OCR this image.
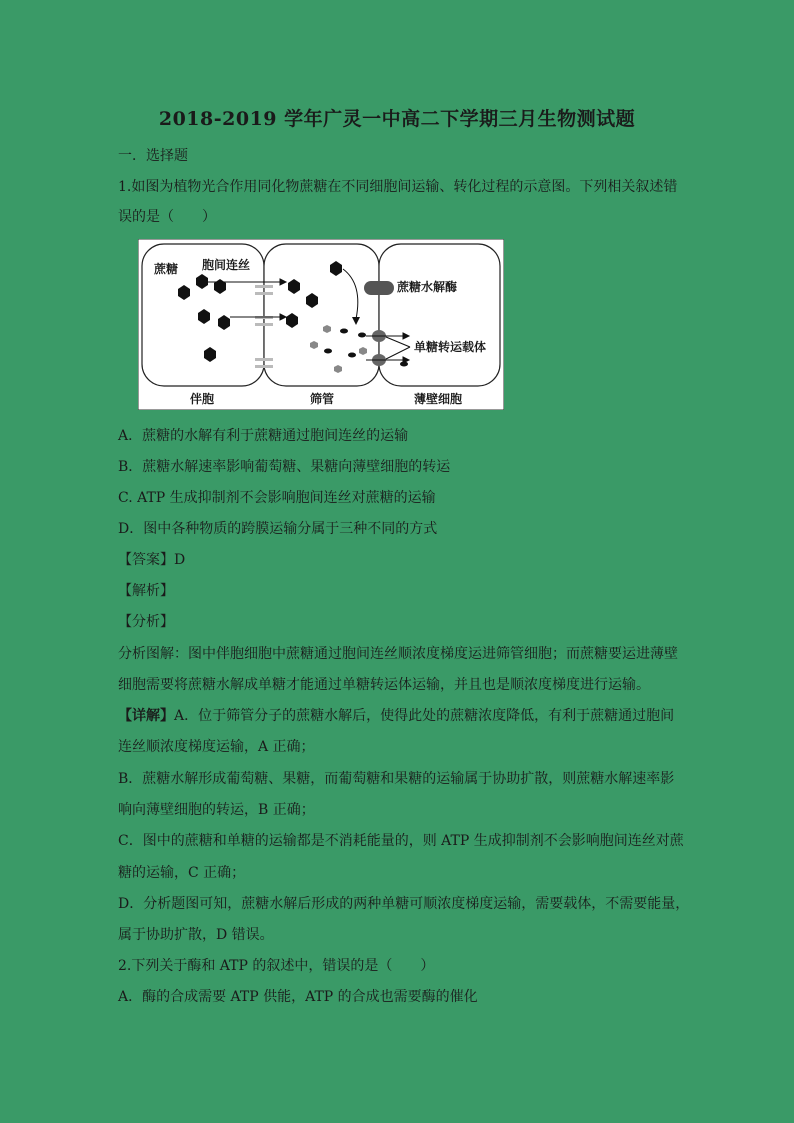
2018-2019 学年广灵一中高二下学期三月生物测试题
一．选择题
1.如图为植物光合作用同化物蔗糖在不同细胞间运输、转化过程的示意图。下列相关叙述错
误的是（　　）
蔗糖 胞间连丝
蔗糖水解酶
单糖转运载体
伴胞	筛管	薄壁细胞
A．蔗糖的水解有利于蔗糖通过胞间连丝的运输
B．蔗糖水解速率影响葡萄糖、果糖向薄壁细胞的转运
C. ATP 生成抑制剂不会影响胞间连丝对蔗糖的运输
D．图中各种物质的跨膜运输分属于三种不同的方式
【答案】D
【解析】
【分析】
分析图解：图中伴胞细胞中蔗糖通过胞间连丝顺浓度梯度运进筛管细胞；而蔗糖要运进薄壁
细胞需要将蔗糖水解成单糖才能通过单糖转运体运输，并且也是顺浓度梯度进行运输。
【详解】A．位于筛管分子的蔗糖水解后，使得此处的蔗糖浓度降低，有利于蔗糖通过胞间
连丝顺浓度梯度运输，A 正确；
B．蔗糖水解形成葡萄糖、果糖，而葡萄糖和果糖的运输属于协助扩散，则蔗糖水解速率影
响向薄壁细胞的转运，B 正确；
C．图中的蔗糖和单糖的运输都是不消耗能量的，则 ATP 生成抑制剂不会影响胞间连丝对蔗
糖的运输，C 正确；
D．分析题图可知，蔗糖水解后形成的两种单糖可顺浓度梯度运输，需要载体，不需要能量，
属于协助扩散，D 错误。
2.下列关于酶和 ATP 的叙述中，错误的是（　　）
A．酶的合成需要 ATP 供能，ATP 的合成也需要酶的催化
